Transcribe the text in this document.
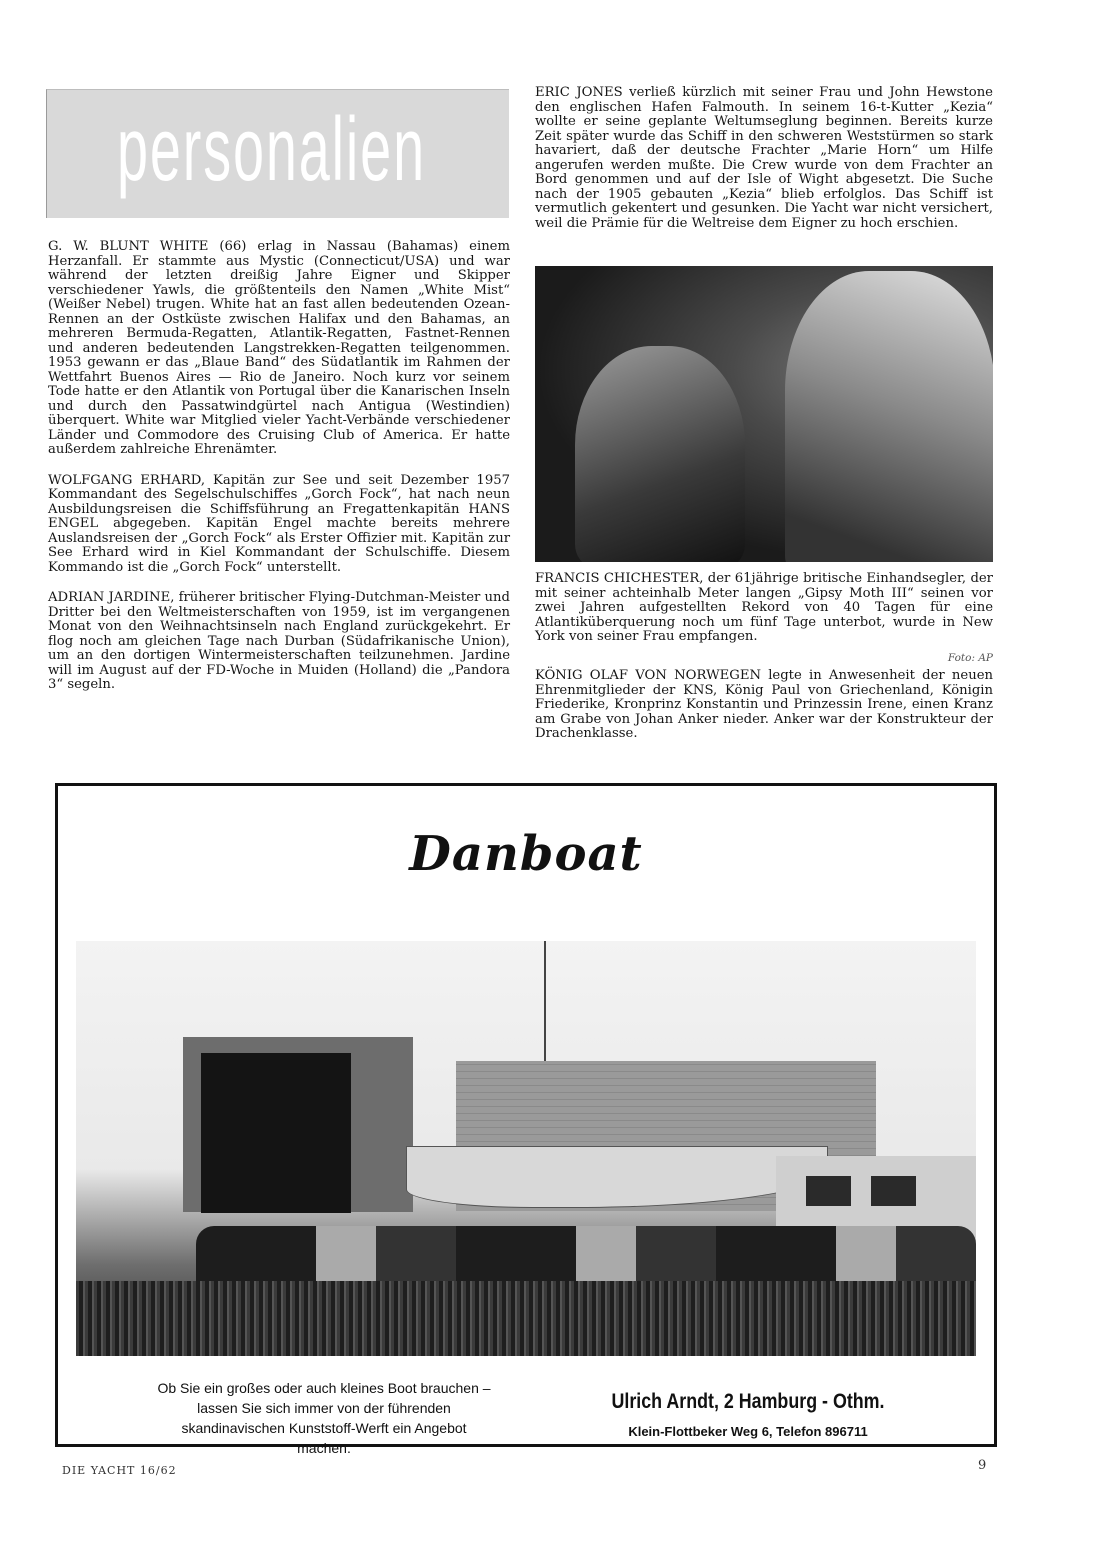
personalien

G. W. BLUNT WHITE (66) erlag in Nassau (Bahamas) einem Herzanfall. Er stammte aus Mystic (Connecticut/USA) und war während der letzten dreißig Jahre Eigner und Skipper verschiedener Yawls, die größtenteils den Namen „White Mist“ (Weißer Nebel) trugen. White hat an fast allen bedeutenden Ozean-Rennen an der Ostküste zwischen Halifax und den Bahamas, an mehreren Bermuda-Regatten, Atlantik-Regatten, Fastnet-Rennen und anderen bedeutenden Langstrekken-Regatten teilgenommen. 1953 gewann er das „Blaue Band“ des Südatlantik im Rahmen der Wettfahrt Buenos Aires — Rio de Janeiro. Noch kurz vor seinem Tode hatte er den Atlantik von Portugal über die Kanarischen Inseln und durch den Passatwindgürtel nach Antigua (Westindien) überquert. White war Mitglied vieler Yacht-Verbände verschiedener Länder und Commodore des Cruising Club of America. Er hatte außerdem zahlreiche Ehrenämter.

WOLFGANG ERHARD, Kapitän zur See und seit Dezember 1957 Kommandant des Segelschulschiffes „Gorch Fock“, hat nach neun Ausbildungsreisen die Schiffsführung an Fregattenkapitän HANS ENGEL abgegeben. Kapitän Engel machte bereits mehrere Auslandsreisen der „Gorch Fock“ als Erster Offizier mit. Kapitän zur See Erhard wird in Kiel Kommandant der Schulschiffe. Diesem Kommando ist die „Gorch Fock“ unterstellt.

ADRIAN JARDINE, früherer britischer Flying-Dutchman-Meister und Dritter bei den Weltmeisterschaften von 1959, ist im vergangenen Monat von den Weihnachtsinseln nach England zurückgekehrt. Er flog noch am gleichen Tage nach Durban (Südafrikanische Union), um an den dortigen Wintermeisterschaften teilzunehmen. Jardine will im August auf der FD-Woche in Muiden (Holland) die „Pandora 3“ segeln.

ERIC JONES verließ kürzlich mit seiner Frau und John Hewstone den englischen Hafen Falmouth. In seinem 16-t-Kutter „Kezia“ wollte er seine geplante Weltumseglung beginnen. Bereits kurze Zeit später wurde das Schiff in den schweren Weststürmen so stark havariert, daß der deutsche Frachter „Marie Horn“ um Hilfe angerufen werden mußte. Die Crew wurde von dem Frachter an Bord genommen und auf der Isle of Wight abgesetzt. Die Suche nach der 1905 gebauten „Kezia“ blieb erfolglos. Das Schiff ist vermutlich gekentert und gesunken. Die Yacht war nicht versichert, weil die Prämie für die Weltreise dem Eigner zu hoch erschien.

FRANCIS CHICHESTER, der 61jährige britische Einhandsegler, der mit seiner achteinhalb Meter langen „Gipsy Moth III“ seinen vor zwei Jahren aufgestellten Rekord von 40 Tagen für eine Atlantiküberquerung noch um fünf Tage unterbot, wurde in New York von seiner Frau empfangen.
Foto: AP
KÖNIG OLAF VON NORWEGEN legte in Anwesenheit der neuen Ehrenmitglieder der KNS, König Paul von Griechenland, Königin Friederike, Kronprinz Konstantin und Prinzessin Irene, einen Kranz am Grabe von Johan Anker nieder. Anker war der Konstrukteur der Drachenklasse.
Danboat
Ob Sie ein großes oder auch kleines Boot brauchen – lassen Sie sich immer von der führenden skandinavischen Kunststoff-Werft ein Angebot machen.
Ulrich Arndt, 2 Hamburg - Othm.
Klein-Flottbeker Weg 6, Telefon 896711
DIE YACHT 16/62	9
